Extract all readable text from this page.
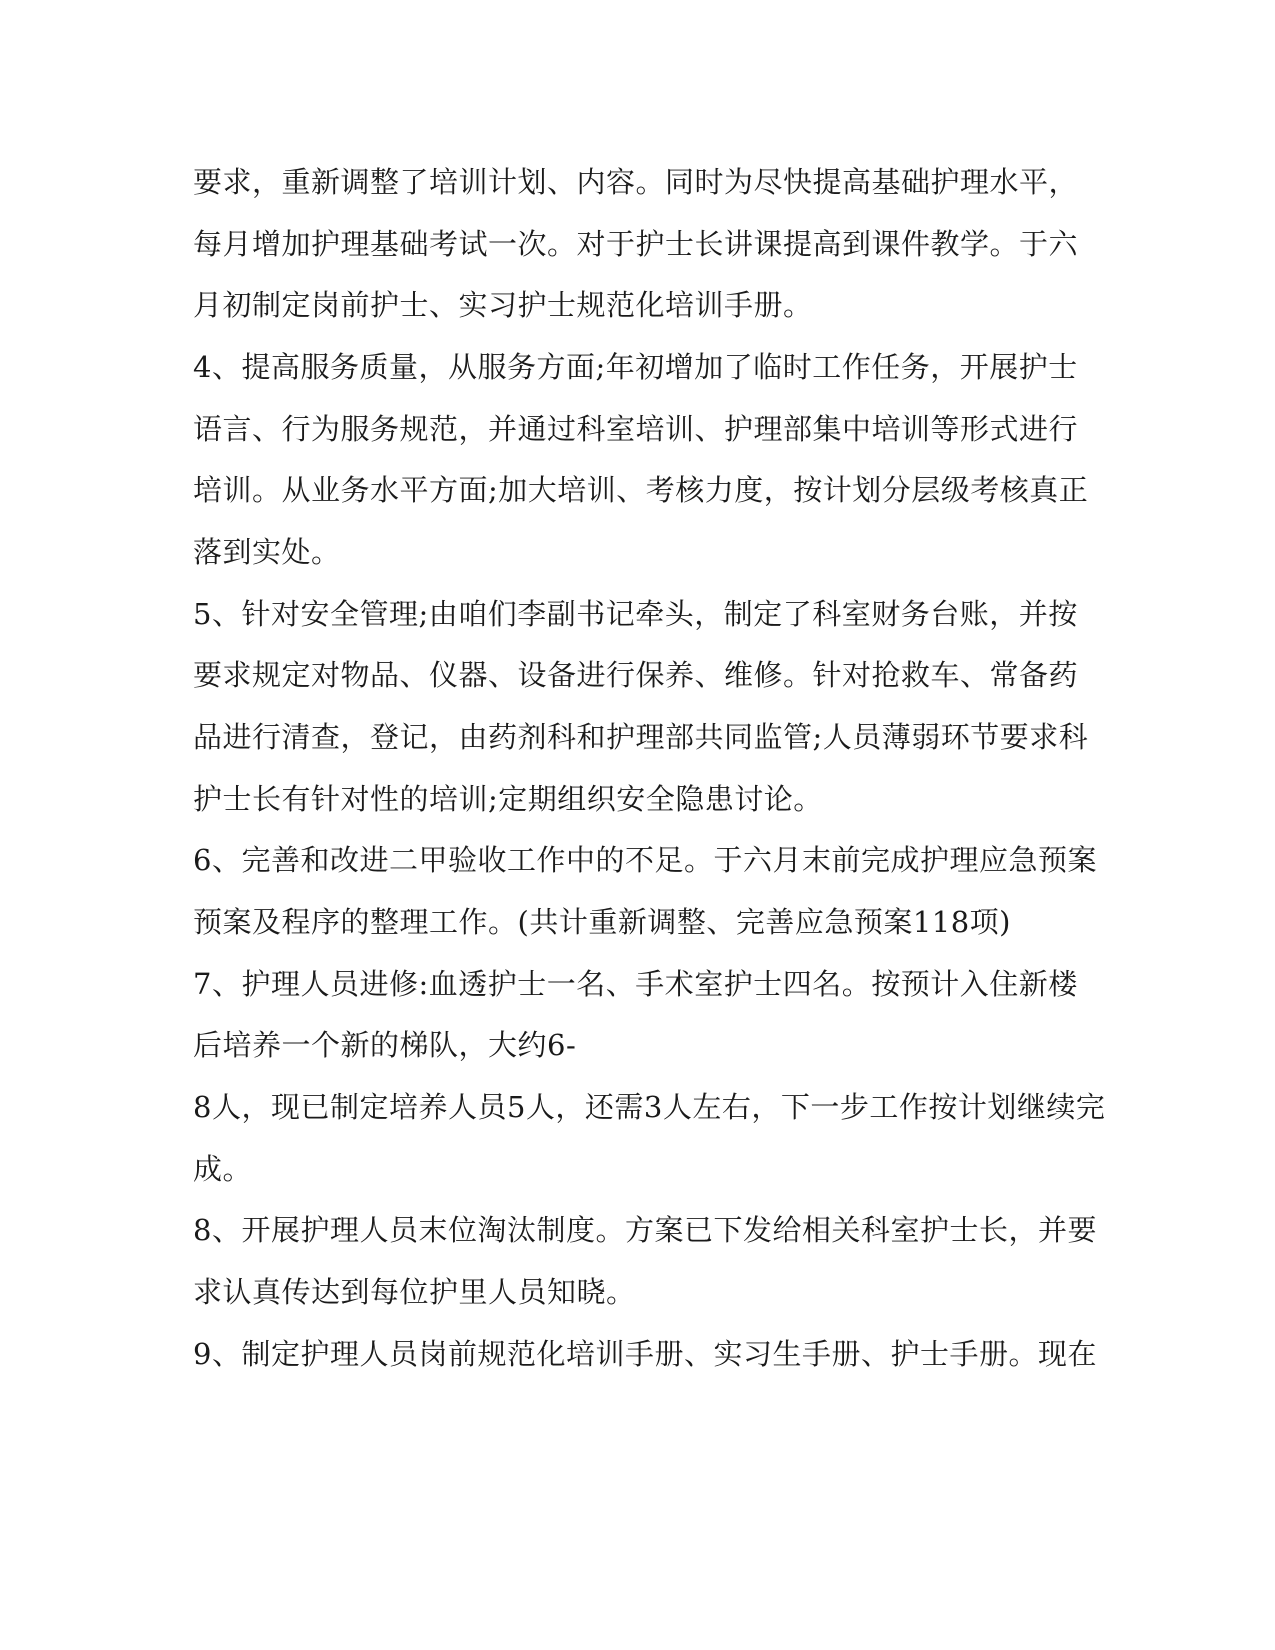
要求，重新调整了培训计划、内容。同时为尽快提高基础护理水平，
每月增加护理基础考试一次。对于护士长讲课提高到课件教学。于六
月初制定岗前护士、实习护士规范化培训手册。
4、提高服务质量，从服务方面;年初增加了临时工作任务，开展护士
语言、行为服务规范，并通过科室培训、护理部集中培训等形式进行
培训。从业务水平方面;加大培训、考核力度，按计划分层级考核真正
落到实处。
5、针对安全管理;由咱们李副书记牵头，制定了科室财务台账，并按
要求规定对物品、仪器、设备进行保养、维修。针对抢救车、常备药
品进行清查，登记，由药剂科和护理部共同监管;人员薄弱环节要求科
护士长有针对性的培训;定期组织安全隐患讨论。
6、完善和改进二甲验收工作中的不足。于六月末前完成护理应急预案
预案及程序的整理工作。(共计重新调整、完善应急预案118项)
7、护理人员进修:血透护士一名、手术室护士四名。按预计入住新楼
后培养一个新的梯队，大约6-
8人，现已制定培养人员5人，还需3人左右，下一步工作按计划继续完
成。
8、开展护理人员末位淘汰制度。方案已下发给相关科室护士长，并要
求认真传达到每位护里人员知晓。
9、制定护理人员岗前规范化培训手册、实习生手册、护士手册。现在
